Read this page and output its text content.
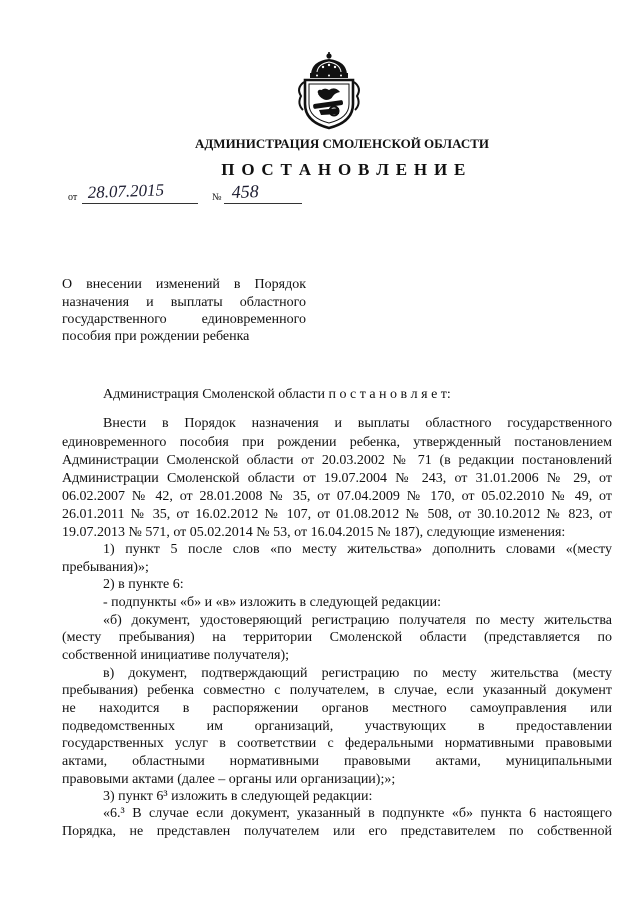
АДМИНИСТРАЦИЯ СМОЛЕНСКОЙ ОБЛАСТИ
П О С Т А Н О В Л Е Н И Е
от 28.07.2015	№ 458
О внесении изменений в Порядок
назначения и выплаты областного
государственного единовременного
пособия при рождении ребенка
Администрация Смоленской области п о с т а н о в л я е т:
Внести в Порядок назначения и выплаты областного государственного
единовременного пособия при рождении ребенка, утвержденный постановлением
Администрации Смоленской области от 20.03.2002 № 71 (в редакции постановлений
Администрации Смоленской области от 19.07.2004 № 243, от 31.01.2006 № 29, от
06.02.2007 № 42, от 28.01.2008 № 35, от 07.04.2009 № 170, от 05.02.2010 № 49, от
26.01.2011 № 35, от 16.02.2012 № 107, от 01.08.2012 № 508, от 30.10.2012 № 823, от
19.07.2013 № 571, от 05.02.2014 № 53, от 16.04.2015 № 187), следующие изменения:
1) пункт 5 после слов «по месту жительства» дополнить словами «(месту
пребывания)»;
2) в пункте 6:
- подпункты «б» и «в» изложить в следующей редакции:
«б) документ, удостоверяющий регистрацию получателя по месту жительства
(месту пребывания) на территории Смоленской области (представляется по
собственной инициативе получателя);
в) документ, подтверждающий регистрацию по месту жительства (месту
пребывания) ребенка совместно с получателем, в случае, если указанный документ
не находится в распоряжении органов местного самоуправления или
подведомственных им организаций, участвующих в предоставлении
государственных услуг в соответствии с федеральными нормативными правовыми
актами, областными нормативными правовыми актами, муниципальными
правовыми актами (далее – органы или организации);»;
3) пункт 6³ изложить в следующей редакции:
«6.³ В случае если документ, указанный в подпункте «б» пункта 6 настоящего
Порядка, не представлен получателем или его представителем по собственной
